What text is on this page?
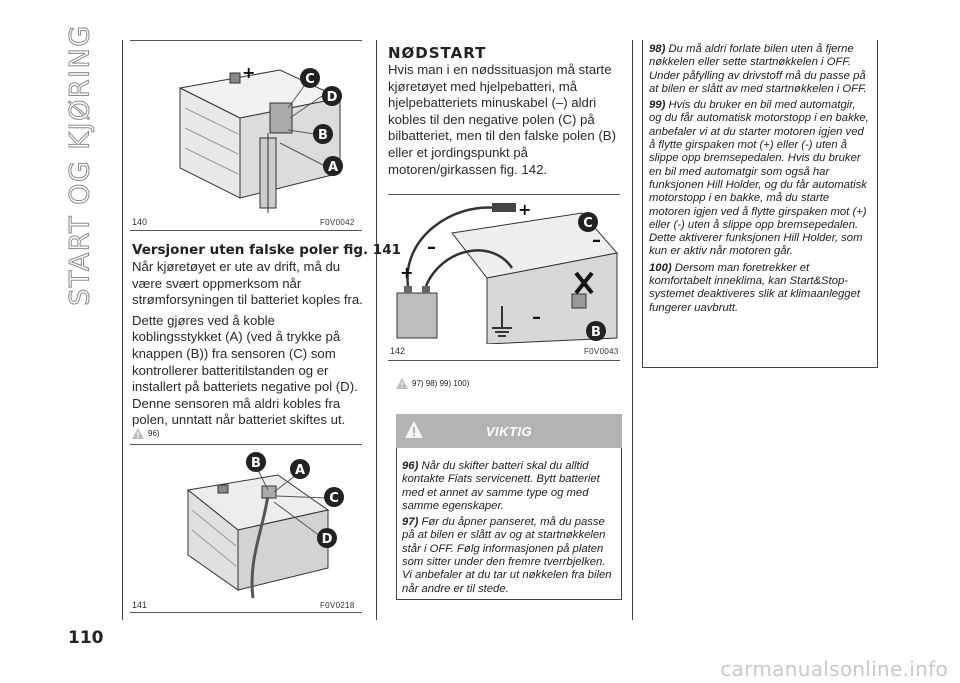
START OG KJØRING	+	C
D
B
A
140	F0V0042
Versjoner uten falske poler fig. 141

Når kjøretøyet er ute av drift, må du være svært oppmerksom når strømforsyningen til batteriet koples fra.

Dette gjøres ved å koble koblingsstykket (A) (ved å trykke på knappen (B)) fra sensoren (C) som kontrollerer batteritilstanden og er installert på batteriets negative pol (D). Denne sensoren må aldri kobles fra polen, unntatt når batteriet skiftes ut.

96)
B	A
C
D
141	F0V0218
NØDSTART

Hvis man i en nødssituasjon må starte kjøretøyet med hjelpebatteri, må hjelpebatteriets minuskabel (–) aldri kobles til den negative polen (C) på bilbatteriet, men til den falske polen (B) eller et jordingspunkt på motoren/girkassen fig. 142.

+
+
–	–
–
C
B
142	F0V0043
97) 98) 99) 100)
VIKTIG

96) Når du skifter batteri skal du alltid kontakte Fiats servicenett. Bytt batteriet med et annet av samme type og med samme egenskaper.

97) Før du åpner panseret, må du passe på at bilen er slått av og at startnøkkelen står i OFF. Følg informasjonen på platen som sitter under den fremre tverrbjelken. Vi anbefaler at du tar ut nøkkelen fra bilen når andre er til stede.

98) Du må aldri forlate bilen uten å fjerne nøkkelen eller sette startnøkkelen i OFF. Under påfylling av drivstoff må du passe på at bilen er slått av med startnøkkelen i OFF.

99) Hvis du bruker en bil med automatgir, og du får automatisk motorstopp i en bakke, anbefaler vi at du starter motoren igjen ved å flytte girspaken mot (+) eller (-) uten å slippe opp bremsepedalen. Hvis du bruker en bil med automatgir som også har funksjonen Hill Holder, og du får automatisk motorstopp i en bakke, må du starte motoren igjen ved å flytte girspaken mot (+) eller (-) uten å slippe opp bremsepedalen. Dette aktiverer funksjonen Hill Holder, som kun er aktiv når motoren går.

100) Dersom man foretrekker et komfortabelt inneklima, kan Start&Stop-systemet deaktiveres slik at klimaanlegget fungerer uavbrutt.

110
carmanualsonline.info
